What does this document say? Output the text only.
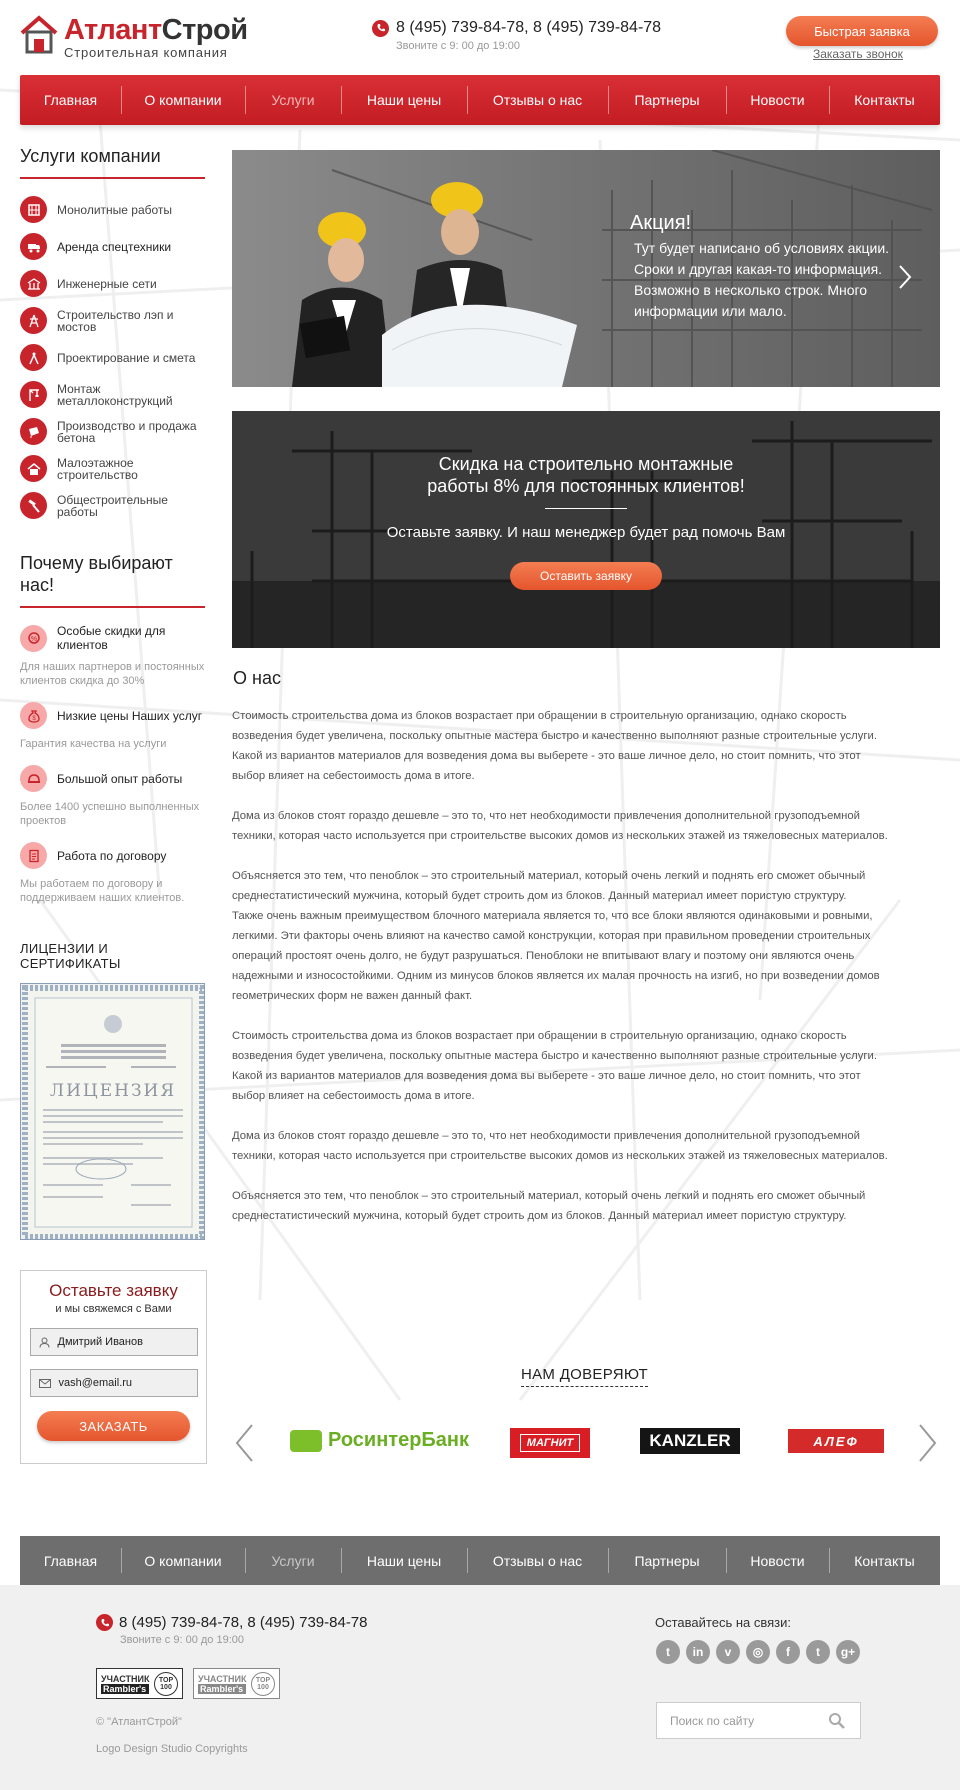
АтлантСтрой
Строительная компания
8 (495) 739-84-78, 8 (495) 739-84-78
Звоните с 9: 00 до 19:00
Быстрая заявка
Заказать звонок
Главная	О компании	Услуги	Наши цены	Отзывы о нас	Партнеры	Новости	Контакты
Услуги компании
Монолитные работы
Аренда спецтехники
Инженерные сети
Строительство лэп и мостов
Проектирование и смета
Монтаж металлоконструкций
Производство и продажа бетона
Малоэтажное строительство
Общестроительные работы
Почему выбирают нас!
%
Особые скидки для клиентов
Для наших партнеров и постоянных клиентов скидка до 30%
$ Низкие цены Наших услуг
Гарантия качества на услуги
Большой опыт работы
Более 1400 успешно выполненных проектов
Работа по договору
Мы работаем по договору и поддерживаем наших клиентов.
ЛИЦЕНЗИИ И СЕРТИФИКАТЫ
ЛИЦЕНЗИЯ
Оставьте заявку
и мы свяжемся с Вами
Дмитрий Иванов
vash@email.ru
ЗАКАЗАТЬ
Акция!
Тут будет написано об условиях акции. Сроки и другая какая-то информация. Возможно в несколько строк. Много информации или мало.
Скидка на строительно монтажные
работы 8% для постоянных клиентов!
Оставьте заявку. И наш менеджер будет рад помочь Вам
Оставить заявку
О нас

Стоимость строительства дома из блоков возрастает при обращении в строительную организацию, однако скорость возведения будет увеличена, поскольку опытные мастера быстро и качественно выполняют разные строительные услуги. Какой из вариантов материалов для возведения дома вы выберете - это ваше личное дело, но стоит помнить, что этот выбор влияет на себестоимость дома в итоге.

Дома из блоков стоят гораздо дешевле – это то, что нет необходимости привлечения дополнительной грузоподъемной техники, которая часто используется при строительстве высоких домов из нескольких этажей из тяжеловесных материалов.

Объясняется это тем, что пеноблок – это строительный материал, который очень легкий и поднять его сможет обычный среднестатистический мужчина, который будет строить дом из блоков. Данный материал имеет пористую структуру.

Также очень важным преимуществом блочного материала является то, что все блоки являются одинаковыми и ровными, легкими. Эти факторы очень влияют на качество самой конструкции, которая при правильном проведении строительных операций простоят очень долго, не будут разрушаться. Пеноблоки не впитывают влагу и поэтому они являются очень надежными и износостойкими. Одним из минусов блоков является их малая прочность на изгиб, но при возведении домов геометрических форм не важен данный факт.

Стоимость строительства дома из блоков возрастает при обращении в строительную организацию, однако скорость возведения будет увеличена, поскольку опытные мастера быстро и качественно выполняют разные строительные услуги. Какой из вариантов материалов для возведения дома вы выберете - это ваше личное дело, но стоит помнить, что этот выбор влияет на себестоимость дома в итоге.

Дома из блоков стоят гораздо дешевле – это то, что нет необходимости привлечения дополнительной грузоподъемной техники, которая часто используется при строительстве высоких домов из нескольких этажей из тяжеловесных материалов.

Объясняется это тем, что пеноблок – это строительный материал, который очень легкий и поднять его сможет обычный среднестатистический мужчина, который будет строить дом из блоков. Данный материал имеет пористую структуру.

НАМ ДОВЕРЯЮТ
РосинтерБанк	МАГНИТ	KANZLER	АЛЕФ
Главная	О компании	Услуги	Наши цены	Отзывы о нас	Партнеры	Новости	Контакты
8 (495) 739-84-78, 8 (495) 739-84-78
Звоните с 9: 00 до 19:00
УЧАСТНИК
Rambler's
TOP 100
УЧАСТНИК
Rambler's
TOP 100
© "АтлантСтрой"
Logo Design Studio Copyrights
Оставайтесь на связи:
t	in	v	◎	f	t	g+
Поиск по сайту
